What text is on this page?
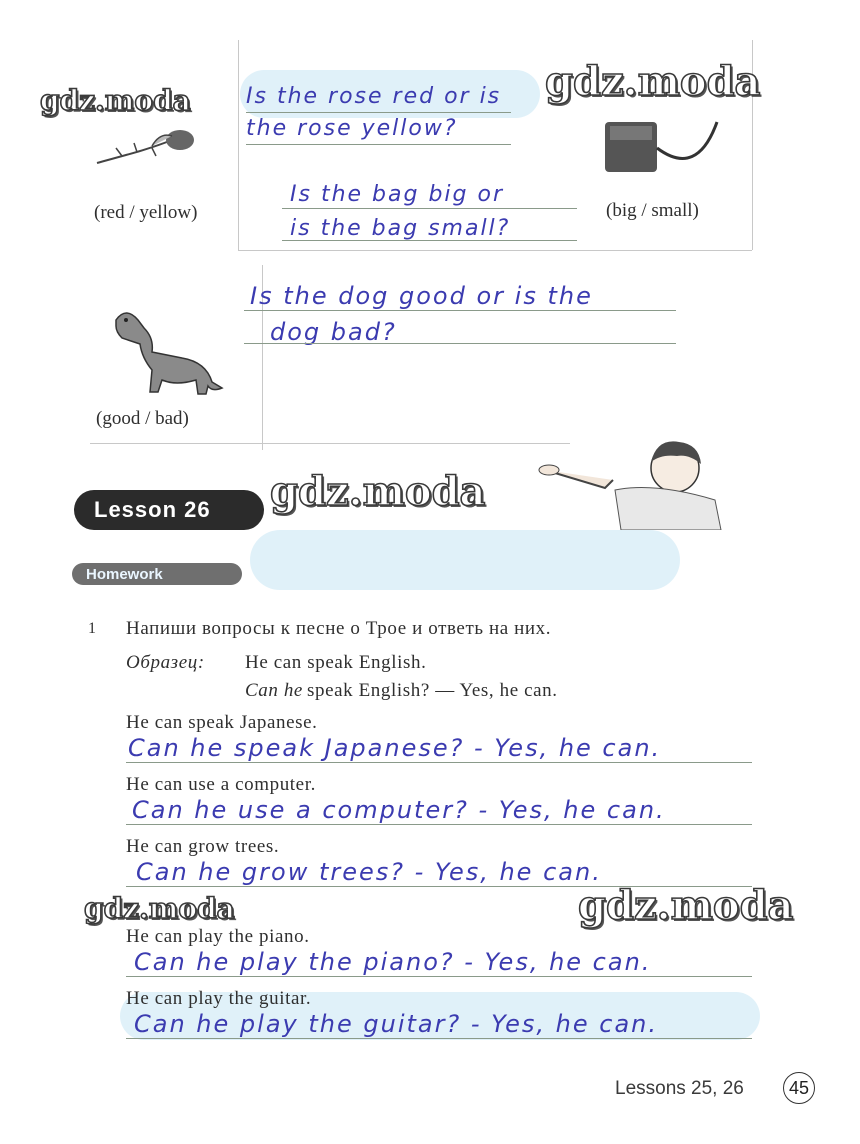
(red / yellow)
Is the rose red or is
the rose yellow?
(big / small)
Is the bag big or
is the bag small?
(good / bad)
Is the dog good or is the
dog bad?
Lesson 26
Homework
1 Напиши вопросы к песне о Трое и ответь на них.
Образец: He can speak English.
Can he speak English? — Yes, he can.
He can speak Japanese.
Can he speak Japanese? - Yes, he can.
He can use a computer.
Can he use a computer? - Yes, he can.
He can grow trees.
Can he grow trees? - Yes, he can.
He can play the piano.
Can he play the piano? - Yes, he can.
He can play the guitar.
Can he play the guitar? - Yes, he can.
gdz.moda	gdz.moda
gdz.moda
gdz.moda	gdz.moda
Lessons 25, 26	45
